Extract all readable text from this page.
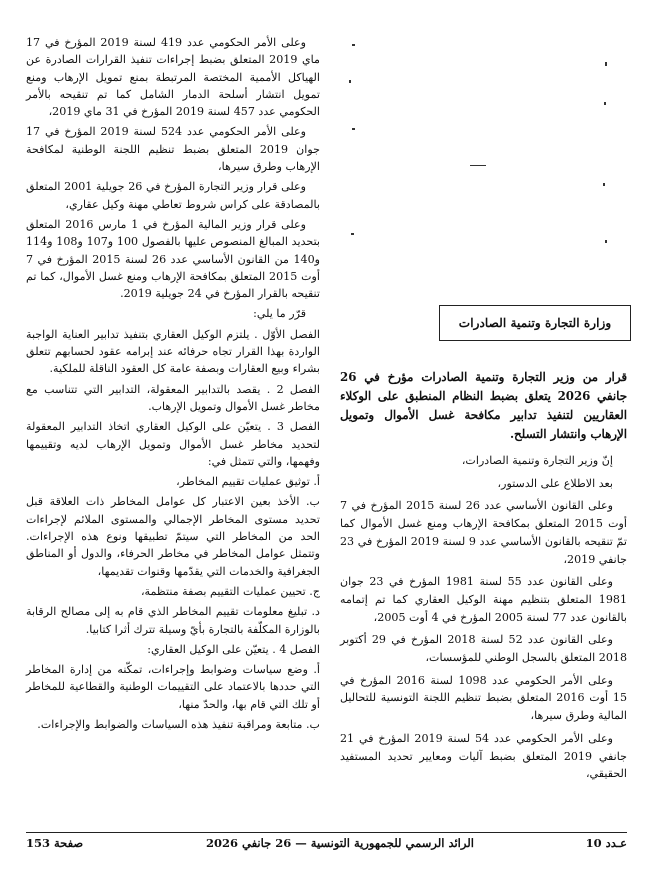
وعلى الأمر الحكومي عدد 419 لسنة 2019 المؤرخ في 17 ماي 2019 المتعلق بضبط إجراءات تنفيذ القرارات الصادرة عن الهياكل الأممية المختصة المرتبطة بمنع تمويل الإرهاب ومنع تمويل انتشار أسلحة الدمار الشامل كما تم تنقيحه بالأمر الحكومي عدد 457 لسنة 2019 المؤرخ في 31 ماي 2019،

وعلى الأمر الحكومي عدد 524 لسنة 2019 المؤرخ في 17 جوان 2019 المتعلق بضبط تنظيم اللجنة الوطنية لمكافحة الإرهاب وطرق سيرها،

وعلى قرار وزير التجارة المؤرخ في 26 جويلية 2001 المتعلق بالمصادقة على كراس شروط تعاطي مهنة وكيل عقاري،

وعلى قرار وزير المالية المؤرخ في 1 مارس 2016 المتعلق بتحديد المبالغ المنصوص عليها بالفصول 100 و107 و108 و114 و140 من القانون الأساسي عدد 26 لسنة 2015 المؤرخ في 7 أوت 2015 المتعلق بمكافحة الإرهاب ومنع غسل الأموال، كما تم تنقيحه بالقرار المؤرخ في 24 جويلية 2019.

قرّر ما يلي:

الفصل الأوّل . يلتزم الوكيل العقاري بتنفيذ تدابير العناية الواجبة الواردة بهذا القرار تجاه حرفائه عند إبرامه عقود لحسابهم تتعلق بشراء وبيع العقارات وبصفة عامة كل العقود الناقلة للملكية.

الفصل 2 . يقصد بالتدابير المعقولة، التدابير التي تتناسب مع مخاطر غسل الأموال وتمويل الإرهاب.

الفصل 3 . يتعيّن على الوكيل العقاري اتخاذ التدابير المعقولة لتحديد مخاطر غسل الأموال وتمويل الإرهاب لديه وتقييمها وفهمها، والتي تتمثل في:

أ. توثيق عمليات تقييم المخاطر،

ب. الأخذ بعين الاعتبار كل عوامل المخاطر ذات العلاقة قبل تحديد مستوى المخاطر الإجمالي والمستوى الملائم لإجراءات الحد من المخاطر التي سيتمّ تطبيقها ونوع هذه الإجراءات. وتتمثل عوامل المخاطر في مخاطر الحرفاء، والدول أو المناطق الجغرافية والخدمات التي يقدّمها وقنوات تقديمها،

ج. تحيين عمليات التقييم بصفة منتظمة،

د. تبليغ معلومات تقييم المخاطر الذي قام به إلى مصالح الرقابة بالوزارة المكلّفة بالتجارة بأيّ وسيلة تترك أثرا كتابيا.

الفصل 4 . يتعيّن على الوكيل العقاري:

أ. وضع سياسات وضوابط وإجراءات، تمكّنه من إدارة المخاطر التي حددها بالاعتماد على التقييمات الوطنية والقطاعية للمخاطر أو تلك التي قام بها، والحدّ منها،

ب. متابعة ومراقبة تنفيذ هذه السياسات والضوابط والإجراءات.

وزارة التجارة وتنمية الصادرات

قرار من وزير التجارة وتنمية الصادرات مؤرخ في 26 جانفي 2026 يتعلق بضبط النظام المنطبق على الوكلاء العقاريين لتنفيذ تدابير مكافحة غسل الأموال وتمويل الإرهاب وانتشار التسلح.

إنّ وزير التجارة وتنمية الصادرات،

بعد الاطلاع على الدستور،

وعلى القانون الأساسي عدد 26 لسنة 2015 المؤرخ في 7 أوت 2015 المتعلق بمكافحة الإرهاب ومنع غسل الأموال كما تمّ تنقيحه بالقانون الأساسي عدد 9 لسنة 2019 المؤرخ في 23 جانفي 2019،

وعلى القانون عدد 55 لسنة 1981 المؤرخ في 23 جوان 1981 المتعلق بتنظيم مهنة الوكيل العقاري كما تم إتمامه بالقانون عدد 77 لسنة 2005 المؤرخ في 4 أوت 2005،

وعلى القانون عدد 52 لسنة 2018 المؤرخ في 29 أكتوبر 2018 المتعلق بالسجل الوطني للمؤسسات،

وعلى الأمر الحكومي عدد 1098 لسنة 2016 المؤرخ في 15 أوت 2016 المتعلق بضبط تنظيم اللجنة التونسية للتحاليل المالية وطرق سيرها،

وعلى الأمر الحكومي عدد 54 لسنة 2019 المؤرخ في 21 جانفي 2019 المتعلق بضبط آليات ومعايير تحديد المستفيد الحقيقي،

عـدد 10
الرائد الرسمي للجمهورية التونسية — 26 جانفي 2026
صفحة 153
